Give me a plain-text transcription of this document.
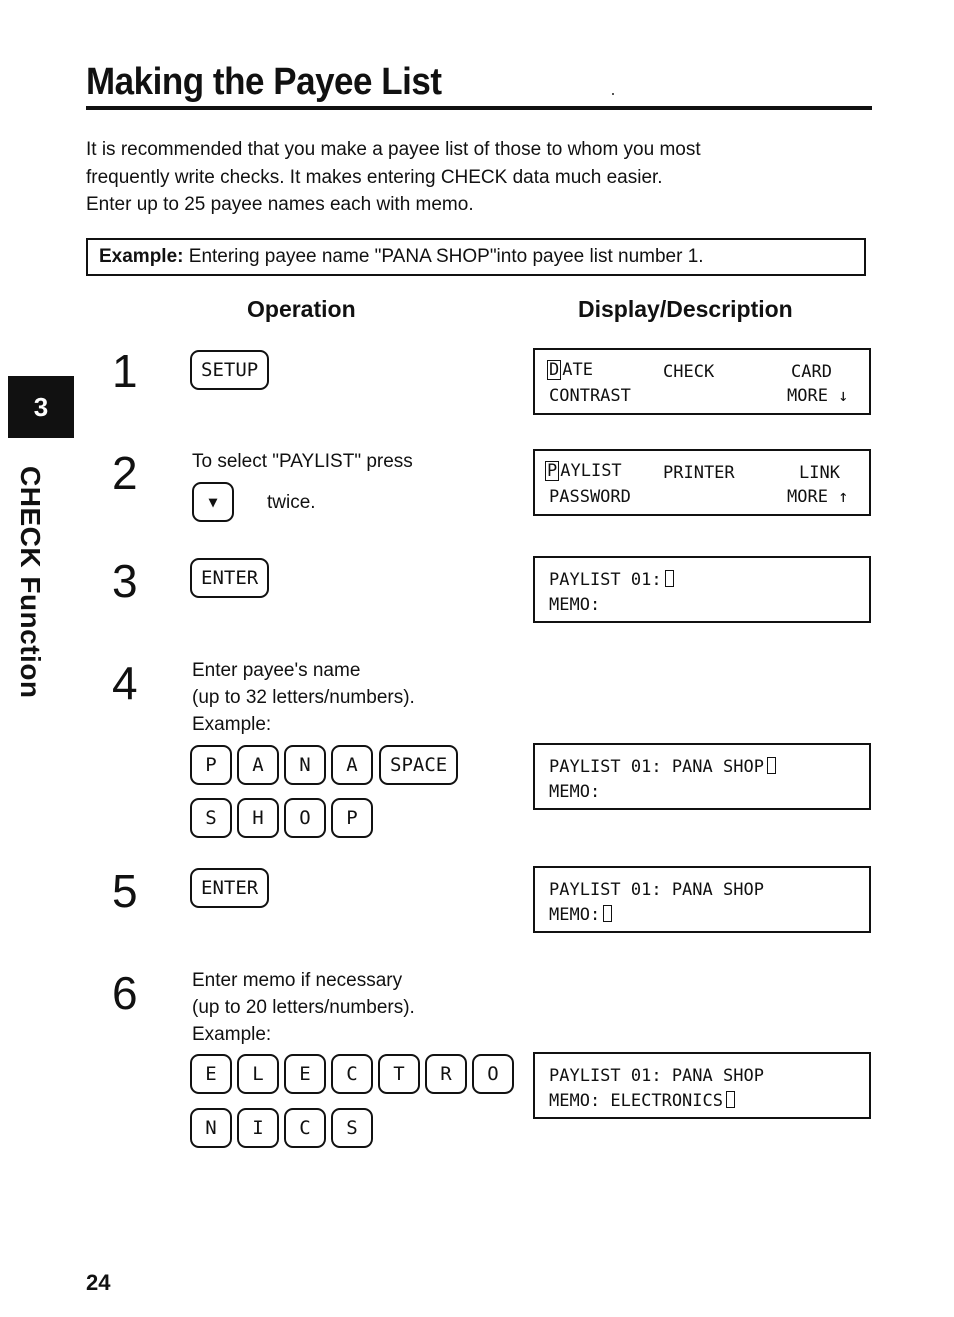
Making the Payee List
It is recommended that you make a payee list of those to whom you most
frequently write checks. It makes entering CHECK data much easier.
Enter up to 25 payee names each with memo.
Example: Entering payee name "PANA SHOP"into payee list number 1.
Operation	Display/Description
3
CHECK Function
1	SETUP	D ATE	CHECK	CARD
CONTRAST	MORE ↓
2	To select "PAYLIST" press
▼	twice.
P AYLIST PRINTER	LINK
PASSWORD	MORE ↑
3	ENTER	PAYLIST 01:
MEMO:
4	Enter payee's name
(up to 32 letters/numbers).
Example:
P	A	N	A	SPACE
S	H	O	P
PAYLIST 01: PANA SHOP
MEMO:
5	ENTER	PAYLIST 01: PANA SHOP
MEMO:
6	Enter memo if necessary
(up to 20 letters/numbers).
Example:
E	L	E	C	T	R	O
N	I	C	S
PAYLIST 01: PANA SHOP
MEMO: ELECTRONICS
24
